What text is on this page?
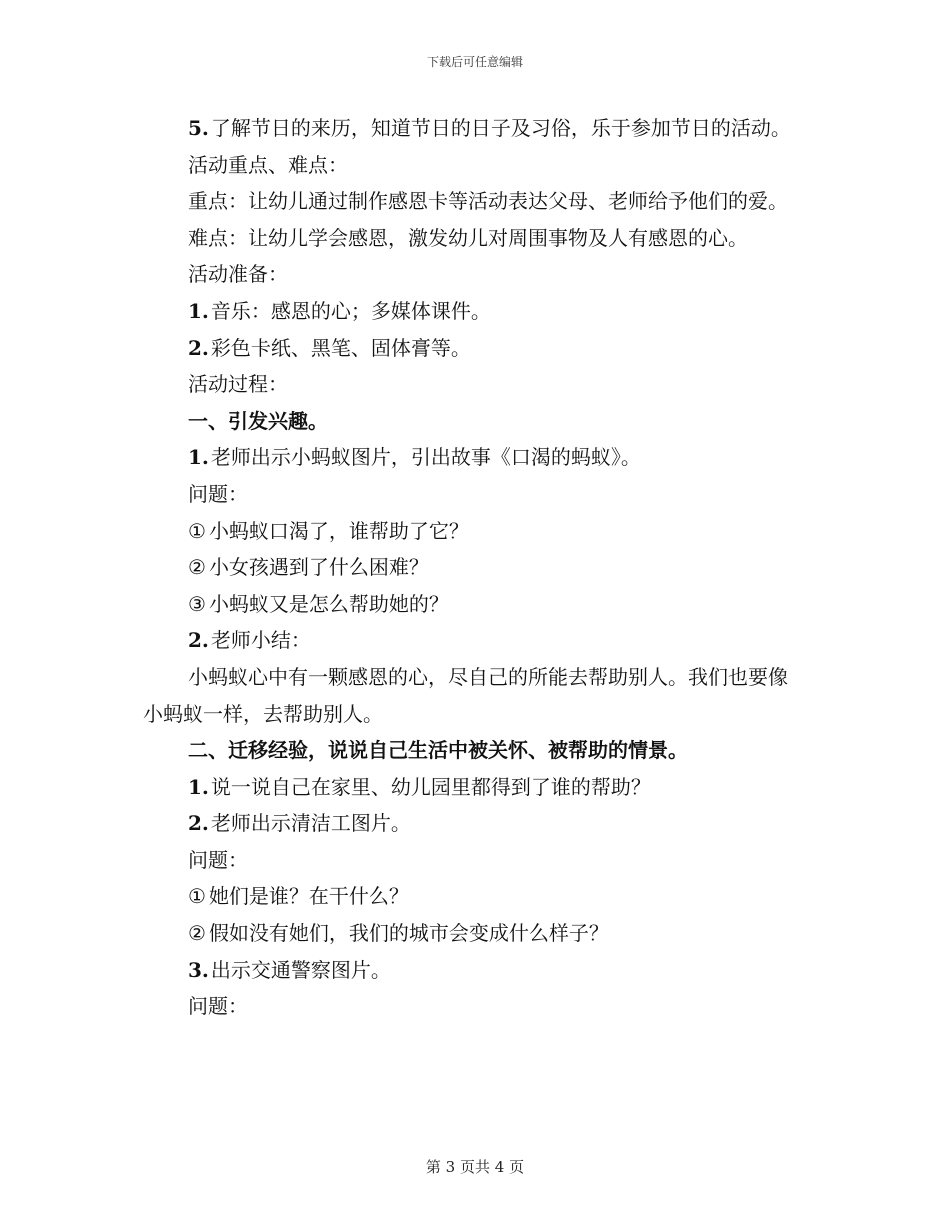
下载后可任意编辑

5. 了解节日的来历，知道节日的日子及习俗，乐于参加节日的活动。

活动重点、难点：

重点：让幼儿通过制作感恩卡等活动表达父母、老师给予他们的爱。

难点：让幼儿学会感恩，激发幼儿对周围事物及人有感恩的心。

活动准备：

1. 音乐：感恩的心；多媒体课件。

2. 彩色卡纸、黑笔、固体膏等。

活动过程：

一、引发兴趣。

1. 老师出示小蚂蚁图片，引出故事《口渴的蚂蚁》。

问题：

① 小蚂蚁口渴了，谁帮助了它？

② 小女孩遇到了什么困难？

③ 小蚂蚁又是怎么帮助她的？

2. 老师小结：

小蚂蚁心中有一颗感恩的心，尽自己的所能去帮助别人。我们也要像小蚂蚁一样，去帮助别人。

二、迁移经验，说说自己生活中被关怀、被帮助的情景。

1. 说一说自己在家里、幼儿园里都得到了谁的帮助？

2. 老师出示清洁工图片。

问题：

① 她们是谁？在干什么？

② 假如没有她们，我们的城市会变成什么样子？

3. 出示交通警察图片。

问题：

第 3 页共 4 页
